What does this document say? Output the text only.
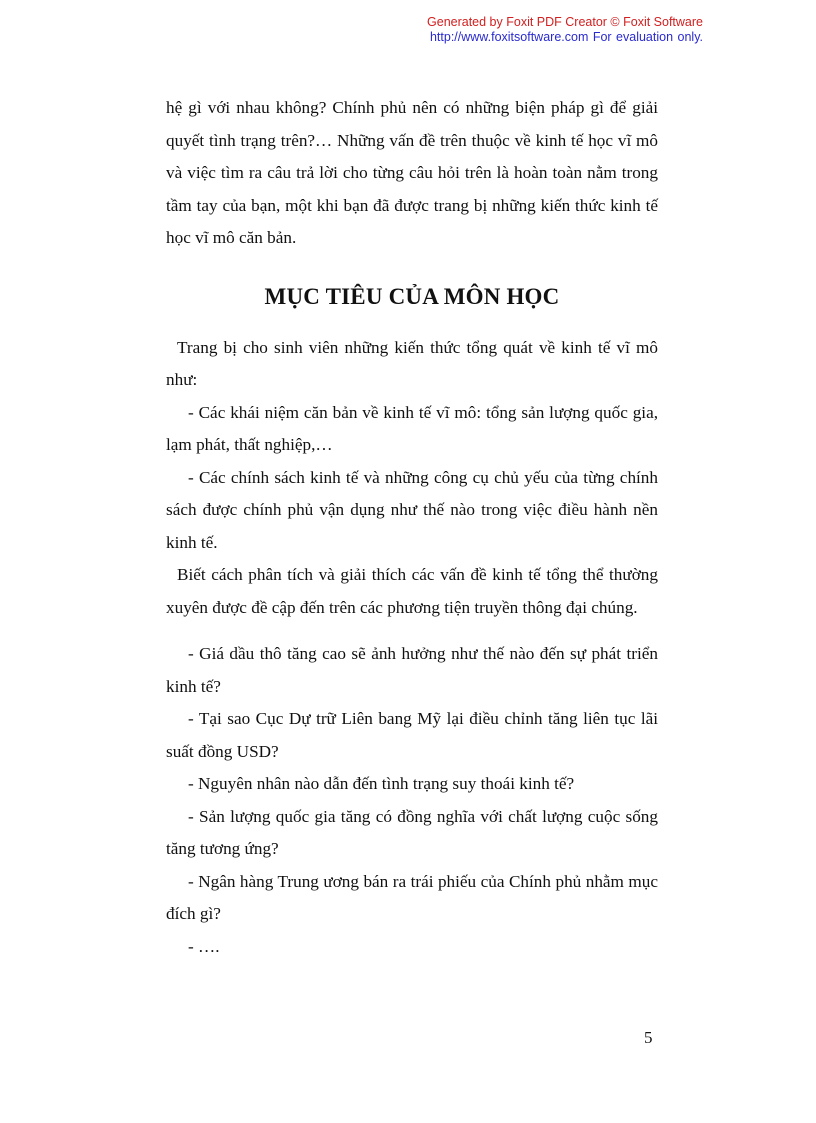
Generated by Foxit PDF Creator © Foxit Software
http://www.foxitsoftware.com For evaluation only.

hệ gì với nhau không? Chính phủ nên có những biện pháp gì để giải quyết tình trạng trên?… Những vấn đề trên thuộc về kinh tế học vĩ mô và việc tìm ra câu trả lời cho từng câu hỏi trên là hoàn toàn nằm trong tầm tay của bạn, một khi bạn đã được trang bị những kiến thức kinh tế học vĩ mô căn bản.

MỤC TIÊU CỦA MÔN HỌC

Trang bị cho sinh viên những kiến thức tổng quát về kinh tế vĩ mô như:

- Các khái niệm căn bản về kinh tế vĩ mô: tổng sản lượng quốc gia, lạm phát, thất nghiệp,…

- Các chính sách kinh tế và những công cụ chủ yếu của từng chính sách được chính phủ vận dụng như thế nào trong việc điều hành nền kinh tế.

Biết cách phân tích và giải thích các vấn đề kinh tế tổng thể thường xuyên được đề cập đến trên các phương tiện truyền thông đại chúng.

- Giá dầu thô tăng cao sẽ ảnh hưởng như thế nào đến sự phát triển kinh tế?

- Tại sao Cục Dự trữ Liên bang Mỹ lại điều chỉnh tăng liên tục lãi suất đồng USD?

- Nguyên nhân nào dẫn đến tình trạng suy thoái kinh tế?

- Sản lượng quốc gia tăng có đồng nghĩa với chất lượng cuộc sống tăng tương ứng?

- Ngân hàng Trung ương bán ra trái phiếu của Chính phủ nhằm mục đích gì?

- ….

5
